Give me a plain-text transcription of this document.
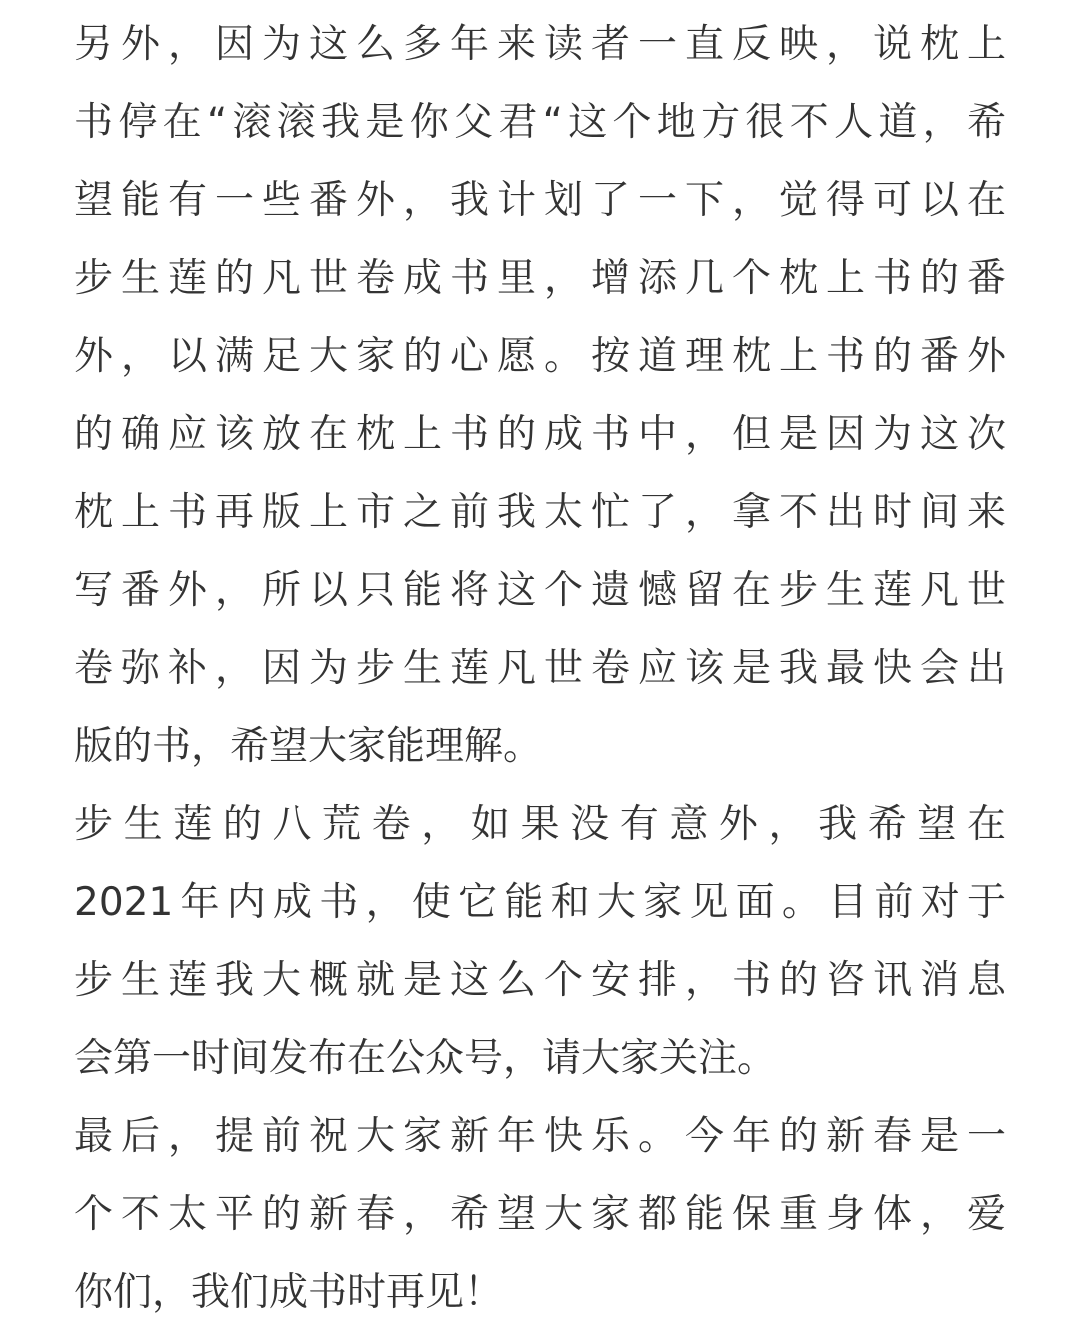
另外，因为这么多年来读者一直反映，说枕上
书停在“滚滚我是你父君“这个地方很不人道，希
望能有一些番外，我计划了一下，觉得可以在
步生莲的凡世卷成书里，增添几个枕上书的番
外，以满足大家的心愿。按道理枕上书的番外
的确应该放在枕上书的成书中，但是因为这次
枕上书再版上市之前我太忙了，拿不出时间来
写番外，所以只能将这个遗憾留在步生莲凡世
卷弥补，因为步生莲凡世卷应该是我最快会出
版的书，希望大家能理解。
步生莲的八荒卷，如果没有意外，我希望在
2021年内成书，使它能和大家见面。目前对于
步生莲我大概就是这么个安排，书的咨讯消息
会第一时间发布在公众号，请大家关注。
最后，提前祝大家新年快乐。今年的新春是一
个不太平的新春，希望大家都能保重身体，爱
你们，我们成书时再见！
